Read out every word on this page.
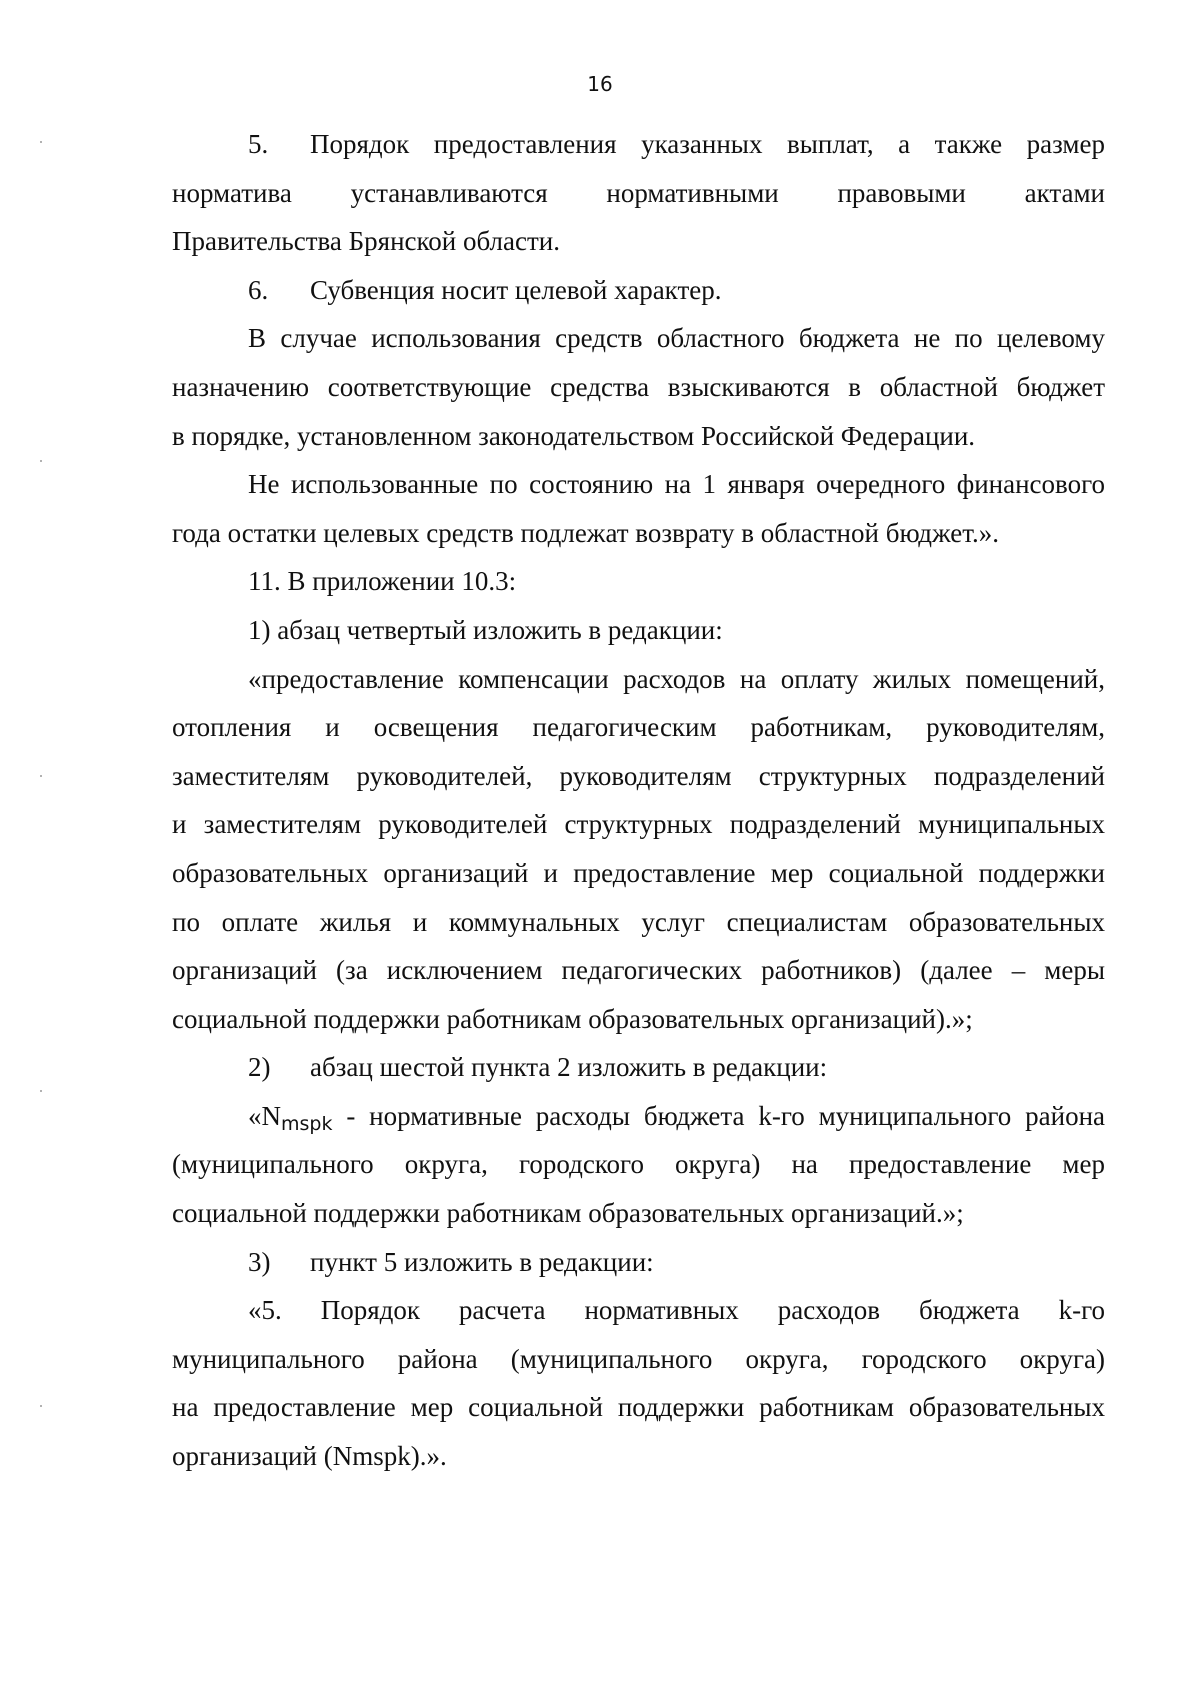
16
5. Порядок предоставления указанных выплат, а также размер
норматива устанавливаются нормативными правовыми актами
Правительства Брянской области.
6. Субвенция носит целевой характер.
В случае использования средств областного бюджета не по целевому
назначению соответствующие средства взыскиваются в областной бюджет
в порядке, установленном законодательством Российской Федерации.
Не использованные по состоянию на 1 января очередного финансового
года остатки целевых средств подлежат возврату в областной бюджет.».
11. В приложении 10.3:
1) абзац четвертый изложить в редакции:
«предоставление компенсации расходов на оплату жилых помещений,
отопления и освещения педагогическим работникам, руководителям,
заместителям руководителей, руководителям структурных подразделений
и заместителям руководителей структурных подразделений муниципальных
образовательных организаций и предоставление мер социальной поддержки
по оплате жилья и коммунальных услуг специалистам образовательных
организаций (за исключением педагогических работников) (далее – меры
социальной поддержки работникам образовательных организаций).»;
2) абзац шестой пункта 2 изложить в редакции:
«$N_{mspk}$ - нормативные расходы бюджета k-го муниципального района
(муниципального округа, городского округа) на предоставление мер
социальной поддержки работникам образовательных организаций.»;
3) пункт 5 изложить в редакции:
«5. Порядок расчета нормативных расходов бюджета k-го
муниципального района (муниципального округа, городского округа)
на предоставление мер социальной поддержки работникам образовательных
организаций (Nmspk).».
